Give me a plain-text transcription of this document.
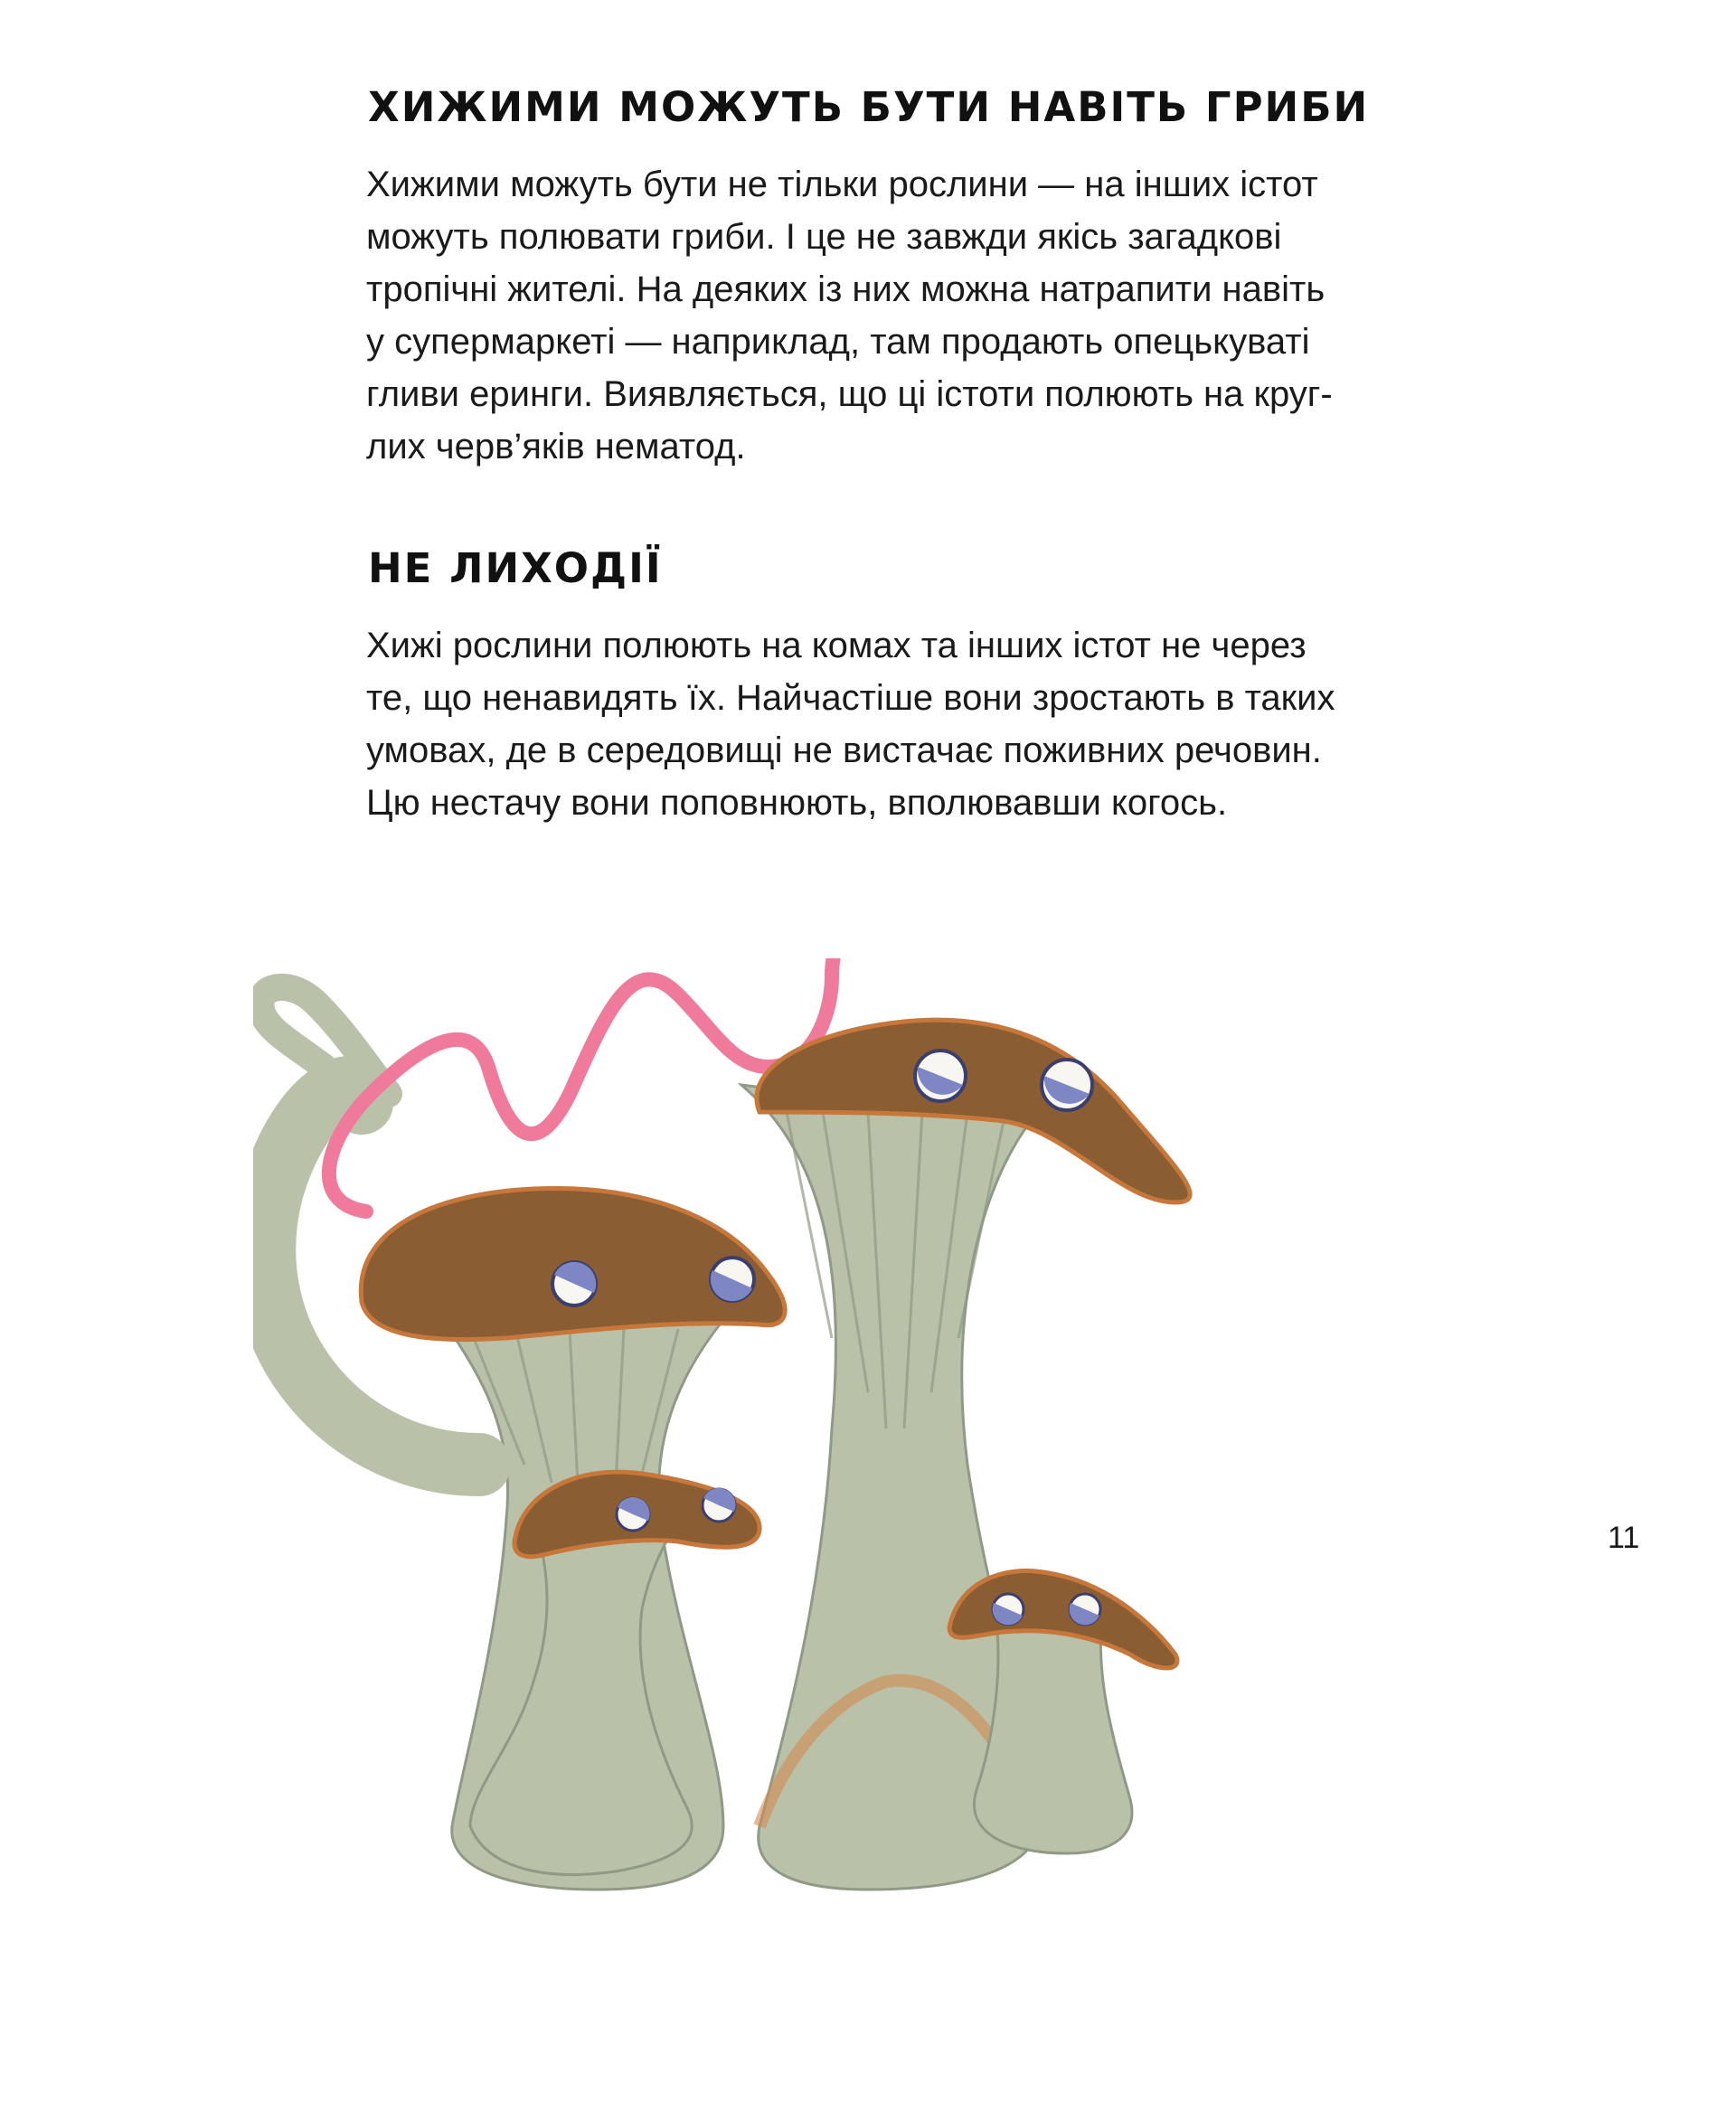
ХИЖИМИ МОЖУТЬ БУТИ НАВІТЬ ГРИБИ

Хижими можуть бути не тільки рослини — на інших істот
можуть полювати гриби. І це не завжди якісь загадкові
тропічні жителі. На деяких із них можна натрапити навіть
у супермаркеті — наприклад, там продають опецькуваті
гливи еринги. Виявляється, що ці істоти полюють на круг-
лих черв’яків нематод.

НЕ ЛИХОДІЇ

Хижі рослини полюють на комах та інших істот не через
те, що ненавидять їх. Найчастіше вони зростають в таких
умовах, де в середовищі не вистачає поживних речовин.
Цю нестачу вони поповнюють, вполювавши когось.

11
